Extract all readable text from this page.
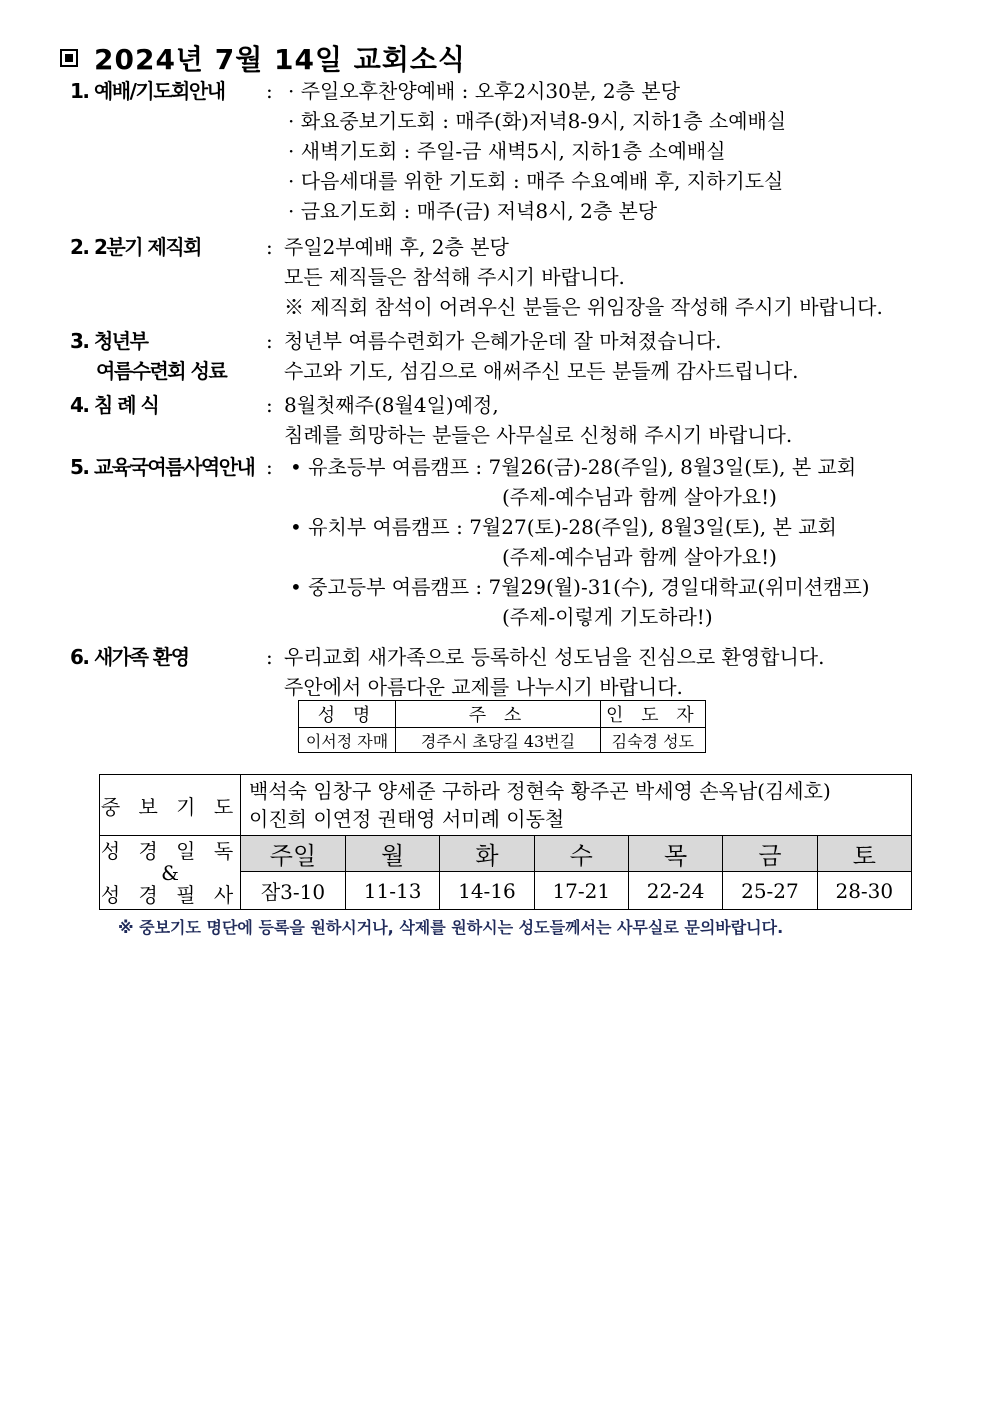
2024년 7월 14일 교회소식
1. 예배/기도회안내	: · 주일오후찬양예배 : 오후2시30분, 2층 본당
· 화요중보기도회 : 매주(화)저녁8-9시, 지하1층 소예배실
· 새벽기도회 : 주일-금 새벽5시, 지하1층 소예배실
· 다음세대를 위한 기도회 : 매주 수요예배 후, 지하기도실
· 금요기도회 : 매주(금) 저녁8시, 2층 본당
2. 2분기 제직회	: 주일2부예배 후, 2층 본당
모든 제직들은 참석해 주시기 바랍니다.
※ 제직회 참석이 어려우신 분들은 위임장을 작성해 주시기 바랍니다.
3. 청년부
여름수련회 성료
: 청년부 여름수련회가 은혜가운데 잘 마쳐졌습니다.
수고와 기도, 섬김으로 애써주신 모든 분들께 감사드립니다.
4. 침 례 식	: 8월첫째주(8월4일)예정,
침례를 희망하는 분들은 사무실로 신청해 주시기 바랍니다.
5. 교육국여름사역안내 : • 유초등부 여름캠프 : 7월26(금)-28(주일), 8월3일(토), 본 교회
(주제-예수님과 함께 살아가요!)
• 유치부 여름캠프 : 7월27(토)-28(주일), 8월3일(토), 본 교회
(주제-예수님과 함께 살아가요!)
• 중고등부 여름캠프 : 7월29(월)-31(수), 경일대학교(위미션캠프)
(주제-이렇게 기도하라!)
6. 새가족 환영	: 우리교회 새가족으로 등록하신 성도님을 진심으로 환영합니다.
주안에서 아름다운 교제를 나누시기 바랍니다.
성 명	주 소	인 도 자
이서정 자매	경주시 초당길 43번길	김숙경 성도
중 보 기 도	백석숙 임창구 양세준 구하라 정현숙 황주곤 박세영 손옥남(김세호)
이진희 이연정 권태영 서미례 이동철						

성 경 일 독
&
성 경 필 사	주일	월	화	수	목	금	토
	잠3-10	11-13	14-16	17-21	22-24	25-27	28-30
※ 중보기도 명단에 등록을 원하시거나, 삭제를 원하시는 성도들께서는 사무실로 문의바랍니다.
